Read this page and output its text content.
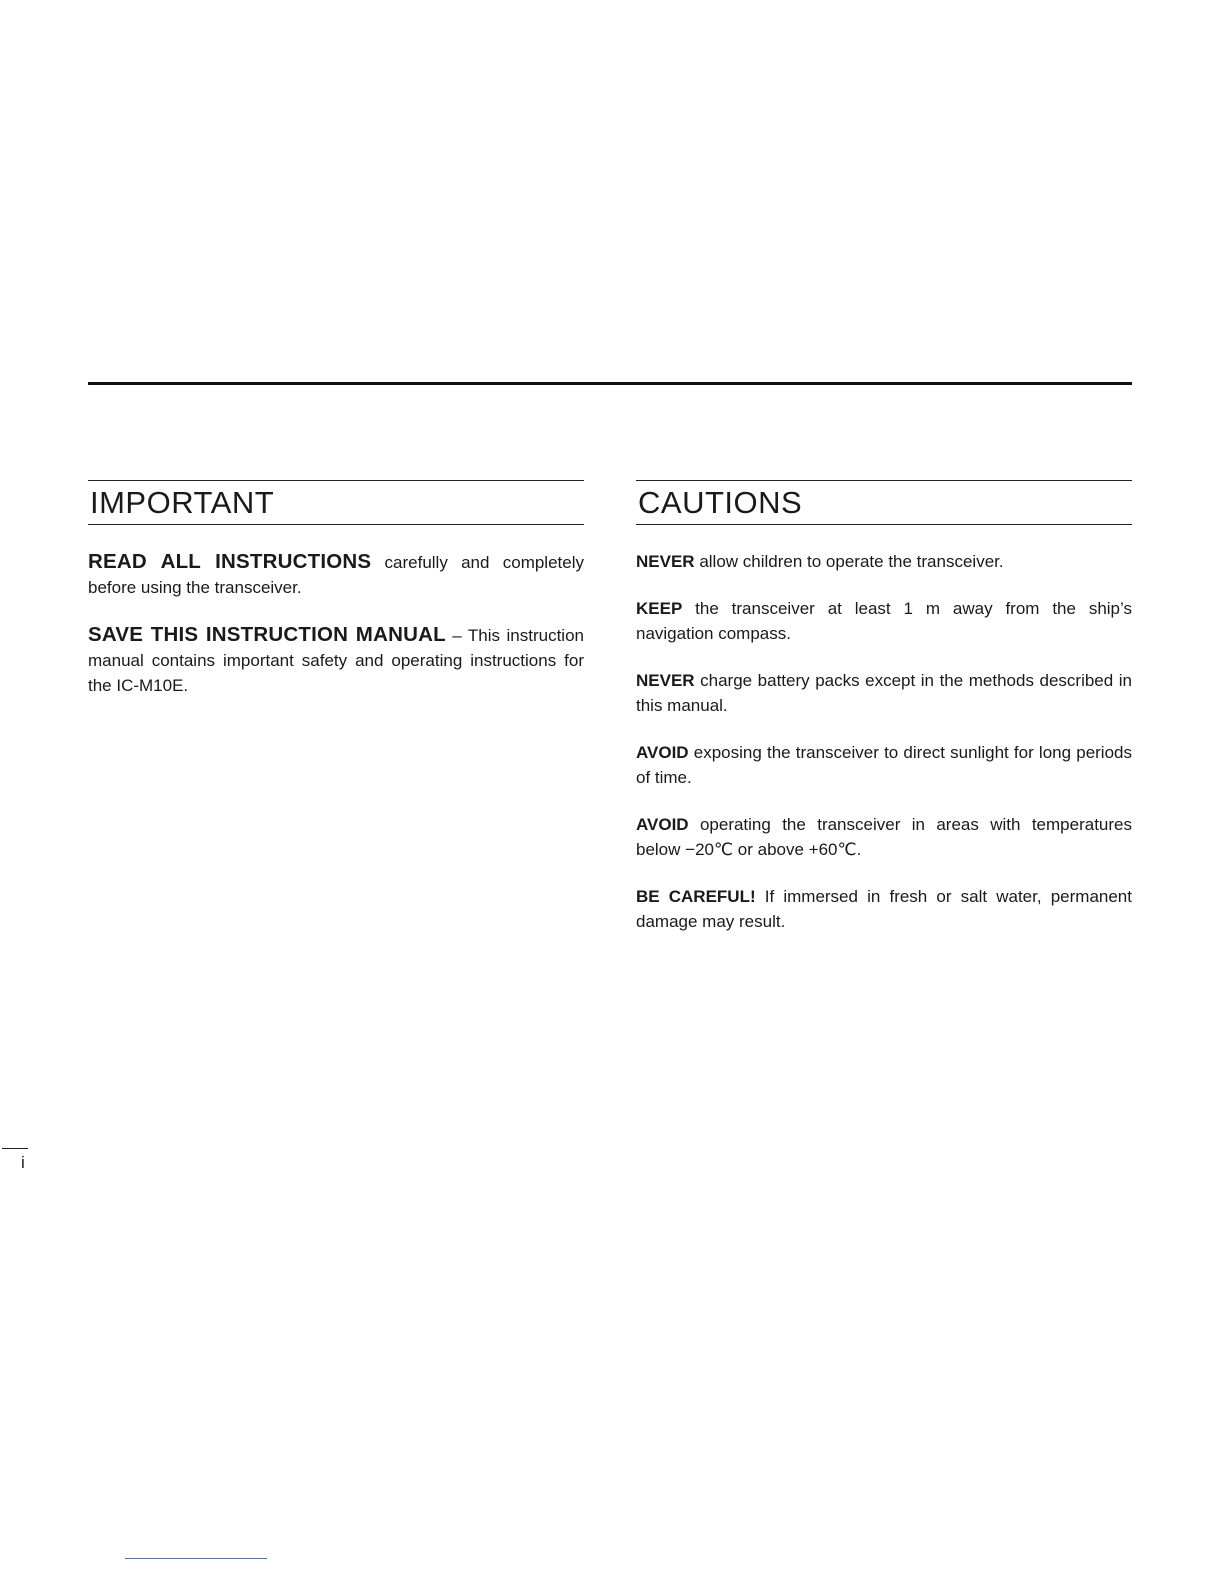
IMPORTANT

READ ALL INSTRUCTIONS carefully and completely before using the transceiver.

SAVE THIS INSTRUCTION MANUAL – This instruction manual contains important safety and operating instructions for the IC-M10E.

CAUTIONS

NEVER allow children to operate the transceiver.

KEEP the transceiver at least 1 m away from the ship’s navigation compass.

NEVER charge battery packs except in the methods described in this manual.

AVOID exposing the transceiver to direct sunlight for long periods of time.

AVOID operating the transceiver in areas with temperatures below −20℃ or above +60℃.

BE CAREFUL! If immersed in fresh or salt water, permanent damage may result.

i
